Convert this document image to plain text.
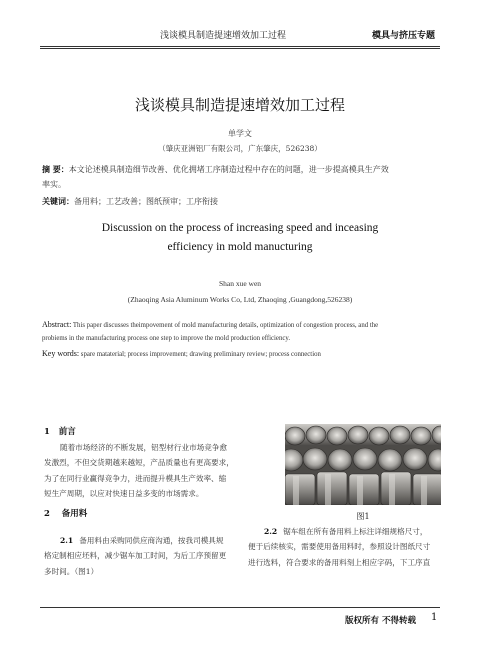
浅谈模具制造提速增效加工过程	模具与挤压专题
浅谈模具制造提速增效加工过程
单学文
（肇庆亚洲铝厂有限公司，广东肇庆，526238）
摘 要：本文论述模具制造细节改善、优化拥堵工序制造过程中存在的问题，进一步提高模具生产效
率实。
关键词：备用料；工艺改善；图纸预审；工序衔接
Discussion on the process of increasing speed and inceasing
efficiency in mold manucturing
Shan xue wen
(Zhaoqing Asia Aluminum Works Co, Ltd, Zhaoqing ,Guangdong,526238)
Abstract: This paper discusses theimpovement of mold manufacturing details, optimization of congestion process, and the
probiems in the manufacturing process one step to improve the mold production efficiency.
Key words: spare mataterial; process improvement; drawing preliminary review; process connection
1   前言
随着市场经济的不断发展，铝型材行业市场竞争愈
发激烈，不但交货期越来越短，产品质量也有更高要求，
为了在同行业赢得竞争力，进而提升模具生产效率、缩
短生产周期，以应对快速日益多变的市场需求。
2    备用料
2.1 备用料由采购同供应商沟通，按我司模具规
格定制相应坯料，减少锯车加工时间，为后工序预留更
多时间。（图1）
图1
2.2 锯车组在所有备用料上标注详细规格尺寸，
便于后续核实，需要使用备用料时，参照设计图纸尺寸
进行选料，符合要求的备用料刻上相应字码，下工序直
版权所有 不得转载 1
